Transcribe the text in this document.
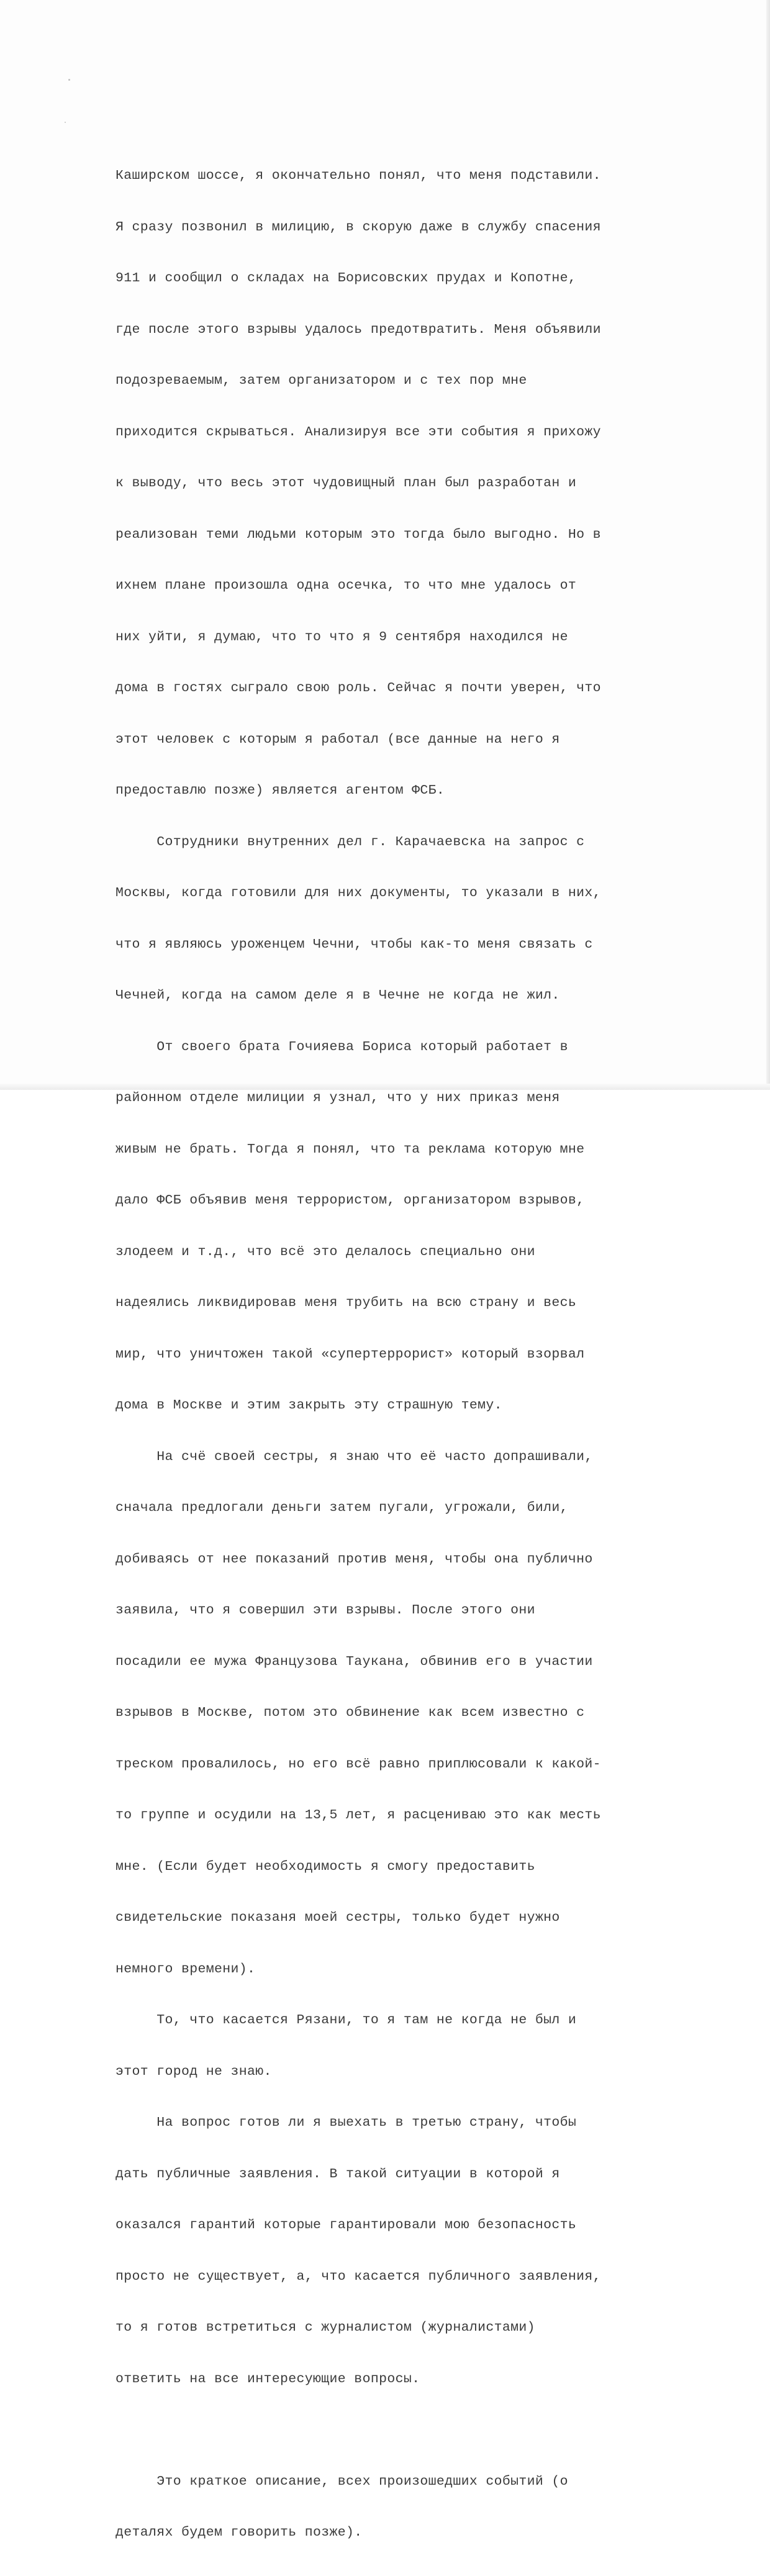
Каширском шоссе, я окончательно понял, что меня подставили.

Я сразу позвонил в милицию, в скорую даже в службу спасения

911 и сообщил о складах на Борисовских прудах и Копотне,

где после этого взрывы удалось предотвратить. Меня объявили

подозреваемым, затем организатором и с тех пор мне

приходится скрываться. Анализируя все эти события я прихожу

к выводу, что весь этот чудовищный план был разработан и

реализован теми людьми которым это тогда было выгодно. Но в

ихнем плане произошла одна осечка, то что мне удалось от

них уйти, я думаю, что то что я 9 сентября находился не

дома в гостях сыграло свою роль. Сейчас я почти уверен, что

этот человек с которым я работал (все данные на него я

предоставлю позже) является агентом ФСБ.

Сотрудники внутренних дел г. Карачаевска на запрос с

Москвы, когда готовили для них документы, то указали в них,

что я являюсь уроженцем Чечни, чтобы как-то меня связать с

Чечней, когда на самом деле я в Чечне не когда не жил.

От своего брата Гочияева Бориса который работает в

районном отделе милиции я узнал, что у них приказ меня

живым не брать. Тогда я понял, что та реклама которую мне

дало ФСБ объявив меня террористом, организатором взрывов,

злодеем и т.д., что всё это делалось специально они

надеялись ликвидировав меня трубить на всю страну и весь

мир, что уничтожен такой «супертеррорист» который взорвал

дома в Москве и этим закрыть эту страшную тему.

На счё своей сестры, я знаю что её часто допрашивали,

сначала предлогали деньги затем пугали, угрожали, били,

добиваясь от нее показаний против меня, чтобы она публично

заявила, что я совершил эти взрывы. После этого они

посадили ее мужа Французова Таукана, обвинив его в участии

взрывов в Москве, потом это обвинение как всем известно с

треском провалилось, но его всё равно приплюсовали к какой-

то группе и осудили на 13,5 лет, я расцениваю это как месть

мне. (Если будет необходимость я смогу предоставить

свидетельские показаня моей сестры, только будет нужно

немного времени).

То, что касается Рязани, то я там не когда не был и

этот город не знаю.

На вопрос готов ли я выехать в третью страну, чтобы

дать публичные заявления. В такой ситуации в которой я

оказался гарантий которые гарантировали мою безопасность

просто не существует, а, что касается публичного заявления,

то я готов встретиться с журналистом (журналистами)

ответить на все интересующие вопросы.

Это краткое описание, всех произошедших событий (о

деталях будем говорить позже).
